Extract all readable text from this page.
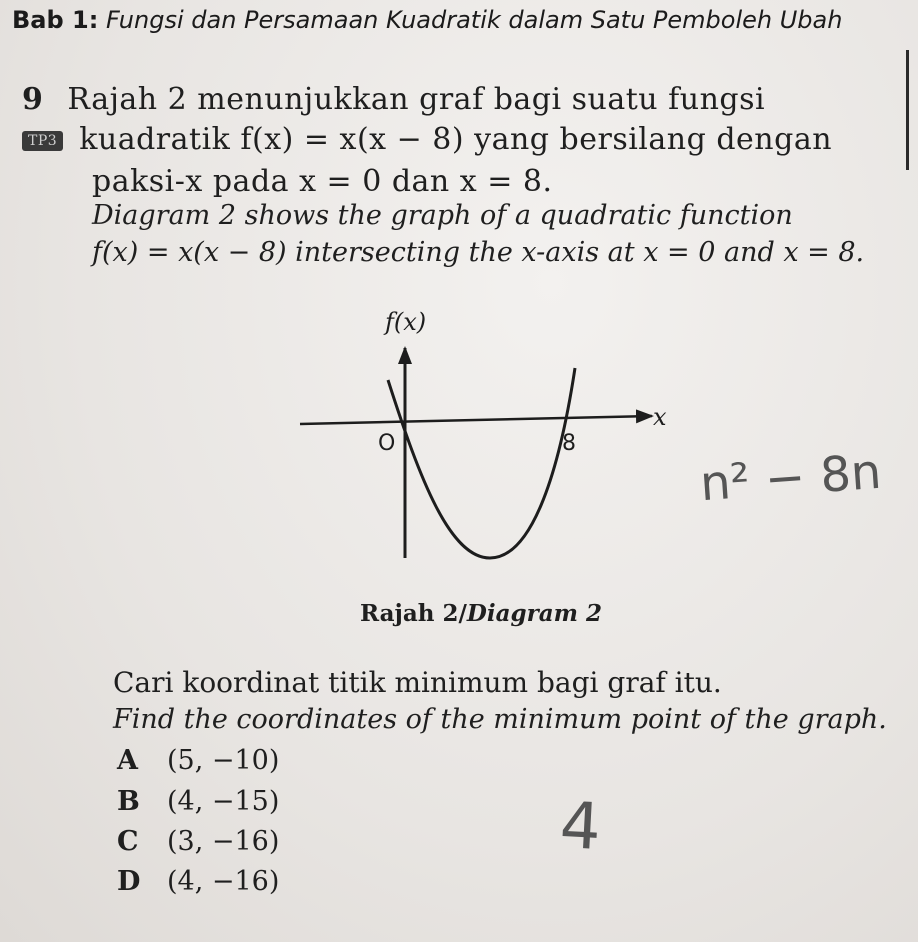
Bab 1: Fungsi dan Persamaan Kuadratik dalam Satu Pemboleh Ubah
9 Rajah 2 menunjukkan graf bagi suatu fungsi
TP3 kuadratik f(x) = x(x − 8) yang bersilang dengan
paksi-x pada x = 0 dan x = 8.
Diagram 2 shows the graph of a quadratic function
f(x) = x(x − 8) intersecting the x-axis at x = 0 and x = 8.
f(x)
x
O	8
Rajah 2/Diagram 2
Cari koordinat titik minimum bagi graf itu.
Find the coordinates of the minimum point of the graph.
A (5, −10)
B (4, −15)
C (3, −16)
D (4, −16)
n² − 8n
4
